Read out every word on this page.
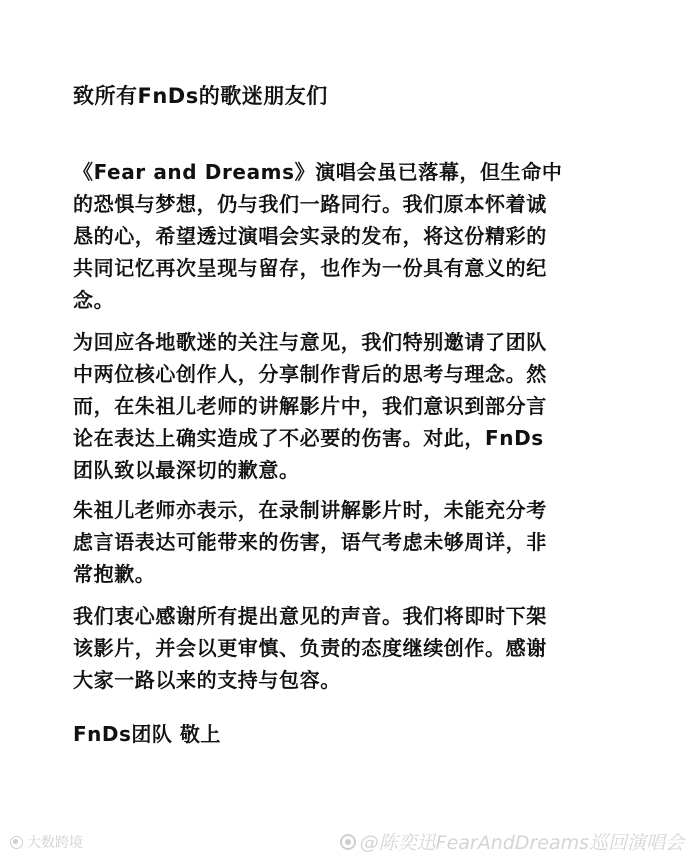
致所有FnDs的歌迷朋友们
《Fear and Dreams》演唱会虽已落幕，但生命中
的恐惧与梦想，仍与我们一路同行。我们原本怀着诚
恳的心，希望透过演唱会实录的发布，将这份精彩的
共同记忆再次呈现与留存，也作为一份具有意义的纪
念。
为回应各地歌迷的关注与意见，我们特别邀请了团队
中两位核心创作人，分享制作背后的思考与理念。然
而，在朱祖儿老师的讲解影片中，我们意识到部分言
论在表达上确实造成了不必要的伤害。对此，FnDs
团队致以最深切的歉意。
朱祖儿老师亦表示，在录制讲解影片时，未能充分考
虑言语表达可能带来的伤害，语气考虑未够周详，非
常抱歉。
我们衷心感谢所有提出意见的声音。我们将即时下架
该影片，并会以更审慎、负责的态度继续创作。感谢
大家一路以来的支持与包容。
FnDs团队 敬上
大数跨境	@陈奕迅FearAndDreams巡回演唱会
